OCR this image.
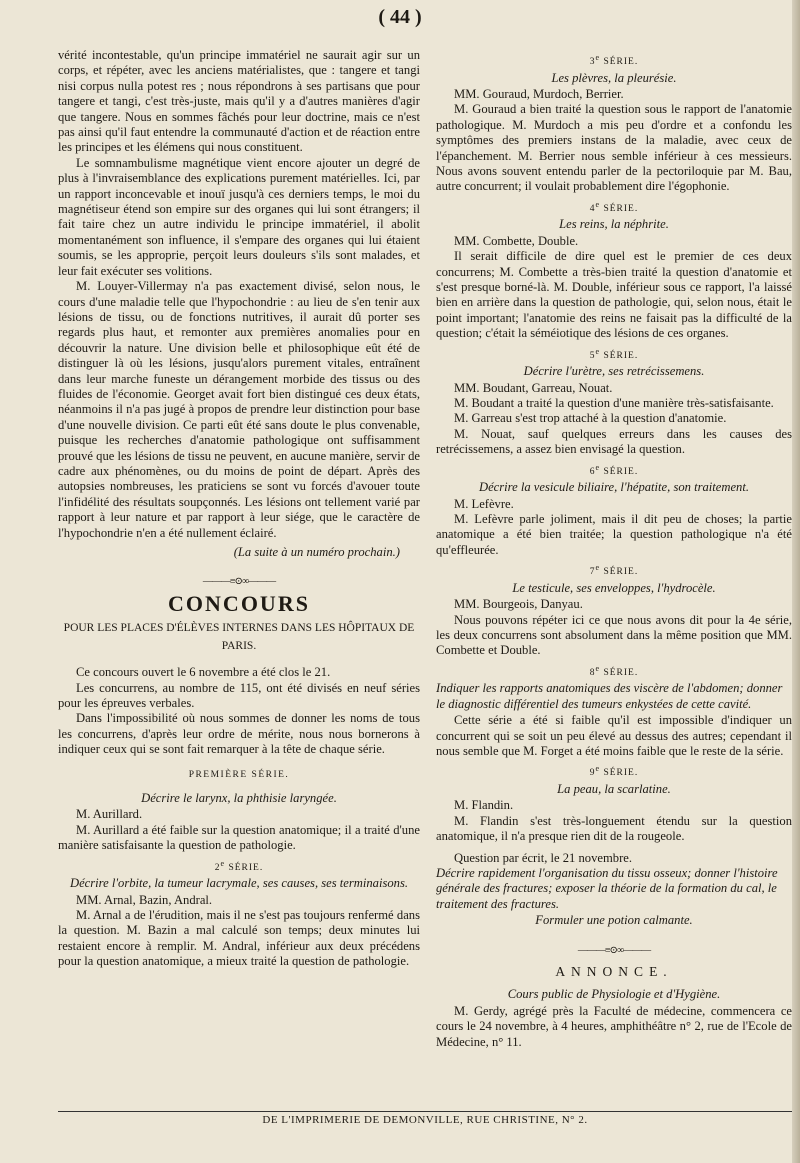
( 44 )

vérité incontestable, qu'un principe immatériel ne saurait agir sur un corps, et répéter, avec les anciens matérialistes, que : tangere et tangi nisi corpus nulla potest res ; nous répondrons à ses partisans que pour tangere et tangi, c'est très-juste, mais qu'il y a d'autres manières d'agir que tangere. Nous en sommes fâchés pour leur doctrine, mais ce n'est pas ainsi qu'il faut entendre la communauté d'action et de réaction entre les principes et les élémens qui nous constituent.

Le somnambulisme magnétique vient encore ajouter un degré de plus à l'invraisemblance des explications purement matérielles. Ici, par un rapport inconcevable et inouï jusqu'à ces derniers temps, le moi du magnétiseur étend son empire sur des organes qui lui sont étrangers; il fait taire chez un autre individu le principe immatériel, il abolit momentanément son influence, il s'empare des organes qui lui étaient soumis, se les approprie, perçoit leurs douleurs s'ils sont malades, et leur fait exécuter ses volitions.

M. Louyer-Villermay n'a pas exactement divisé, selon nous, le cours d'une maladie telle que l'hypochondrie : au lieu de s'en tenir aux lésions de tissu, ou de fonctions nutritives, il aurait dû porter ses regards plus haut, et remonter aux premières anomalies pour en découvrir la nature. Une division belle et philosophique eût été de distinguer là où les lésions, jusqu'alors purement vitales, entraînent dans leur marche funeste un dérangement morbide des tissus ou des fluides de l'économie. Georget avait fort bien distingué ces deux états, néanmoins il n'a pas jugé à propos de prendre leur distinction pour base d'une nouvelle division. Ce parti eût été sans doute le plus convenable, puisque les recherches d'anatomie pathologique ont suffisamment prouvé que les lésions de tissu ne peuvent, en aucune manière, servir de cadre aux phénomènes, ou du moins de point de départ. Après des autopsies nombreuses, les praticiens se sont vu forcés d'avouer toute l'infidélité des résultats soupçonnés. Les lésions ont tellement varié par rapport à leur nature et par rapport à leur siége, que le caractère de l'hypochondrie n'en a été nullement éclairé.

(La suite à un numéro prochain.)
———≡⊙∞———
CONCOURS
POUR LES PLACES D'ÉLÈVES INTERNES DANS LES HÔPITAUX DE PARIS.

Ce concours ouvert le 6 novembre a été clos le 21.

Les concurrens, au nombre de 115, ont été divisés en neuf séries pour les épreuves verbales.

Dans l'impossibilité où nous sommes de donner les noms de tous les concurrens, d'après leur ordre de mérite, nous nous bornerons à indiquer ceux qui se sont fait remarquer à la tête de chaque série.

PREMIÈRE SÉRIE.
Décrire le larynx, la phthisie laryngée.

M. Aurillard.

M. Aurillard a été faible sur la question anatomique; il a traité d'une manière satisfaisante la question de pathologie.

2e SÉRIE.
Décrire l'orbite, la tumeur lacrymale, ses causes, ses terminaisons.

MM. Arnal, Bazin, Andral.

M. Arnal a de l'érudition, mais il ne s'est pas toujours renfermé dans la question. M. Bazin a mal calculé son temps; deux minutes lui restaient encore à remplir. M. Andral, inférieur aux deux précédens pour la question anatomique, a mieux traité la question de pathologie.

3e SÉRIE.
Les plèvres, la pleurésie.

MM. Gouraud, Murdoch, Berrier.

M. Gouraud a bien traité la question sous le rapport de l'anatomie pathologique. M. Murdoch a mis peu d'ordre et a confondu les symptômes des premiers instans de la maladie, avec ceux de l'épanchement. M. Berrier nous semble inférieur à ces messieurs. Nous avons souvent entendu parler de la pectoriloquie par M. Bau, autre concurrent; il voulait probablement dire l'égophonie.

4e SÉRIE.
Les reins, la néphrite.

MM. Combette, Double.

Il serait difficile de dire quel est le premier de ces deux concurrens; M. Combette a très-bien traité la question d'anatomie et s'est presque borné-là. M. Double, inférieur sous ce rapport, l'a laissé bien en arrière dans la question de pathologie, qui, selon nous, était le point important; l'anatomie des reins ne faisait pas la difficulté de la question; c'était la séméiotique des lésions de ces organes.

5e SÉRIE.
Décrire l'urètre, ses retrécissemens.

MM. Boudant, Garreau, Nouat.

M. Boudant a traité la question d'une manière très-satisfaisante.

M. Garreau s'est trop attaché à la question d'anatomie.

M. Nouat, sauf quelques erreurs dans les causes des retrécissemens, a assez bien envisagé la question.

6e SÉRIE.
Décrire la vesicule biliaire, l'hépatite, son traitement.

M. Lefèvre.

M. Lefèvre parle joliment, mais il dit peu de choses; la partie anatomique a été bien traitée; la question pathologique n'a été qu'effleurée.

7e SÉRIE.
Le testicule, ses enveloppes, l'hydrocèle.

MM. Bourgeois, Danyau.

Nous pouvons répéter ici ce que nous avons dit pour la 4e série, les deux concurrens sont absolument dans la même position que MM. Combette et Double.

8e SÉRIE.
Indiquer les rapports anatomiques des viscère de l'abdomen; donner le diagnostic différentiel des tumeurs enkystées de cette cavité.

Cette série a été si faible qu'il est impossible d'indiquer un concurrent qui se soit un peu élevé au dessus des autres; cependant il nous semble que M. Forget a été moins faible que le reste de la série.

9e SÉRIE.
La peau, la scarlatine.

M. Flandin.

M. Flandin s'est très-longuement étendu sur la question anatomique, il n'a presque rien dit de la rougeole.

Question par écrit, le 21 novembre.

Décrire rapidement l'organisation du tissu osseux; donner l'histoire générale des fractures; exposer la théorie de la formation du cal, le traitement des fractures.
Formuler une potion calmante.
———≡⊙∞———
ANNONCE.
Cours public de Physiologie et d'Hygiène.

M. Gerdy, agrégé près la Faculté de médecine, commencera ce cours le 24 novembre, à 4 heures, amphithéâtre n° 2, rue de l'Ecole de Médecine, n° 11.

DE L'IMPRIMERIE DE DEMONVILLE, RUE CHRISTINE, N° 2.
